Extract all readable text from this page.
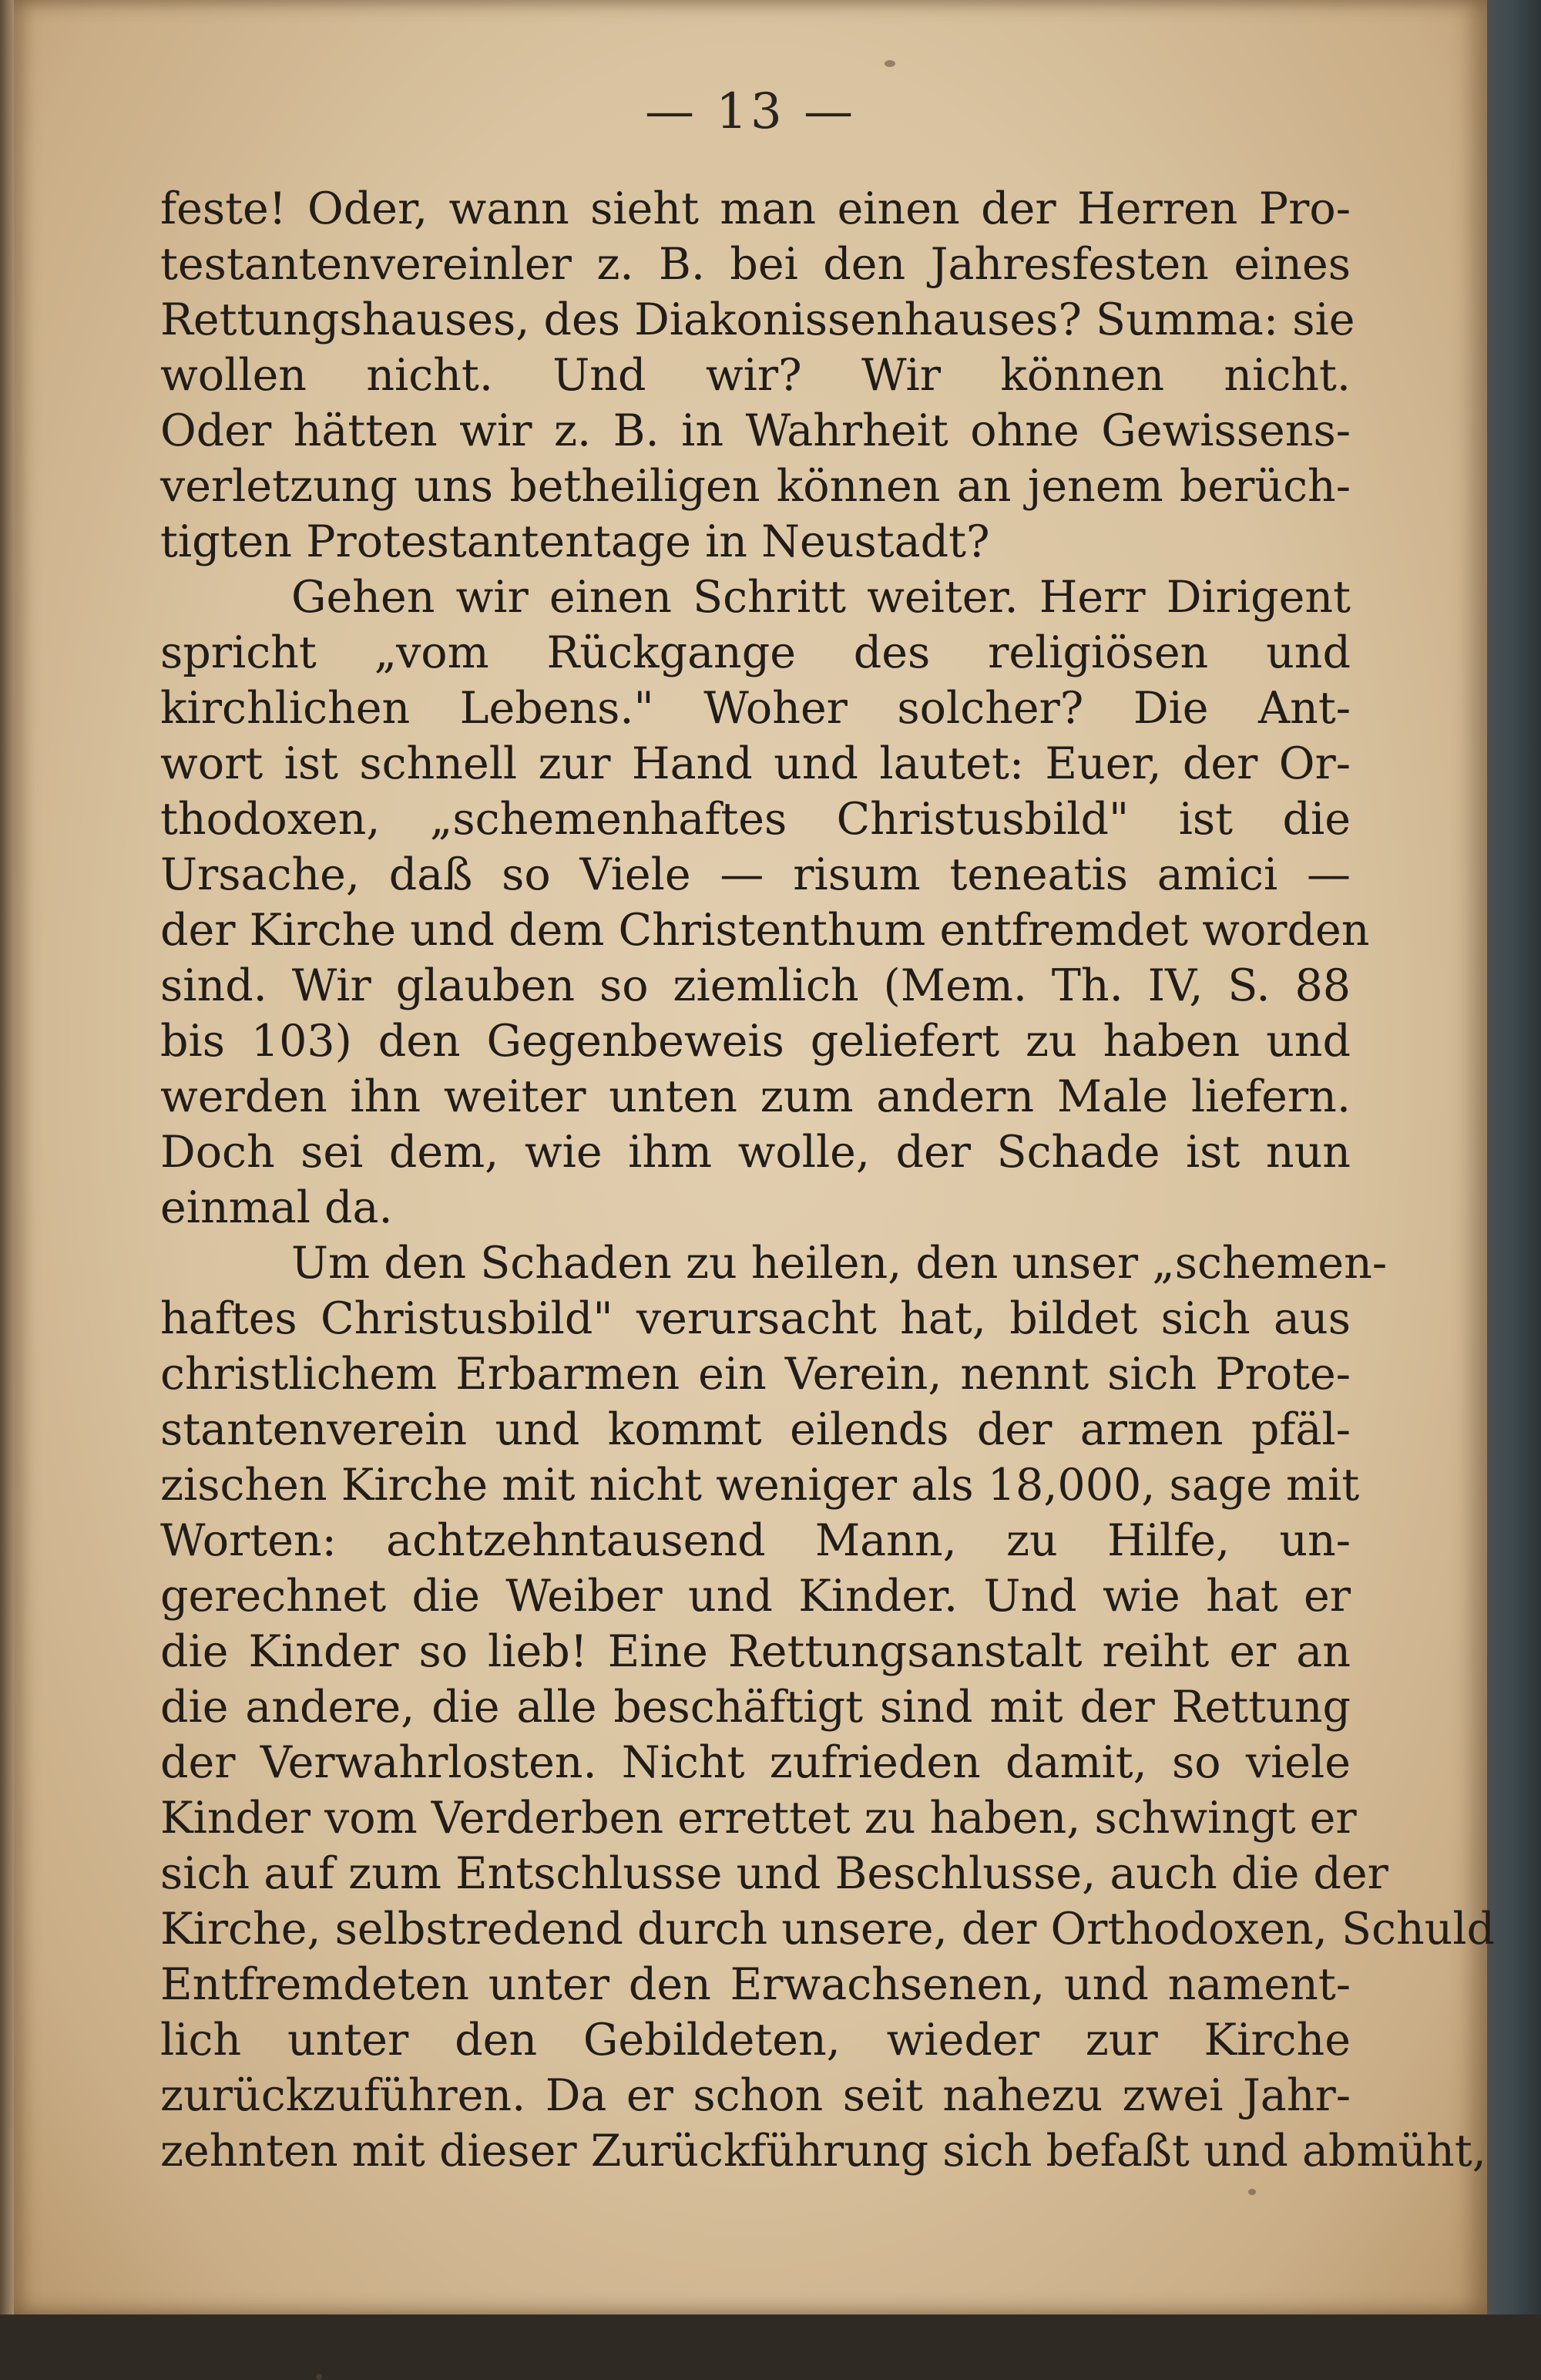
— 13 —
feste! Oder, wann sieht man einen der Herren Pro-
testantenvereinler z. B. bei den Jahresfesten eines
Rettungshauses, des Diakonissenhauses? Summa: sie
wollen nicht. Und wir? Wir können nicht.
Oder hätten wir z. B. in Wahrheit ohne Gewissens-
verletzung uns betheiligen können an jenem berüch-
tigten Protestantentage in Neustadt?
Gehen wir einen Schritt weiter. Herr Dirigent
spricht „vom Rückgange des religiösen und
kirchlichen Lebens." Woher solcher? Die Ant-
wort ist schnell zur Hand und lautet: Euer, der Or-
thodoxen, „schemenhaftes Christusbild" ist die
Ursache, daß so Viele — risum teneatis amici —
der Kirche und dem Christenthum entfremdet worden
sind. Wir glauben so ziemlich (Mem. Th. IV, S. 88
bis 103) den Gegenbeweis geliefert zu haben und
werden ihn weiter unten zum andern Male liefern.
Doch sei dem, wie ihm wolle, der Schade ist nun
einmal da.
Um den Schaden zu heilen, den unser „schemen-
haftes Christusbild" verursacht hat, bildet sich aus
christlichem Erbarmen ein Verein, nennt sich Prote-
stantenverein und kommt eilends der armen pfäl-
zischen Kirche mit nicht weniger als 18,000, sage mit
Worten: achtzehntausend Mann, zu Hilfe, un-
gerechnet die Weiber und Kinder. Und wie hat er
die Kinder so lieb! Eine Rettungsanstalt reiht er an
die andere, die alle beschäftigt sind mit der Rettung
der Verwahrlosten. Nicht zufrieden damit, so viele
Kinder vom Verderben errettet zu haben, schwingt er
sich auf zum Entschlusse und Beschlusse, auch die der
Kirche, selbstredend durch unsere, der Orthodoxen, Schuld
Entfremdeten unter den Erwachsenen, und nament-
lich unter den Gebildeten, wieder zur Kirche
zurückzuführen. Da er schon seit nahezu zwei Jahr-
zehnten mit dieser Zurückführung sich befaßt und abmüht,
